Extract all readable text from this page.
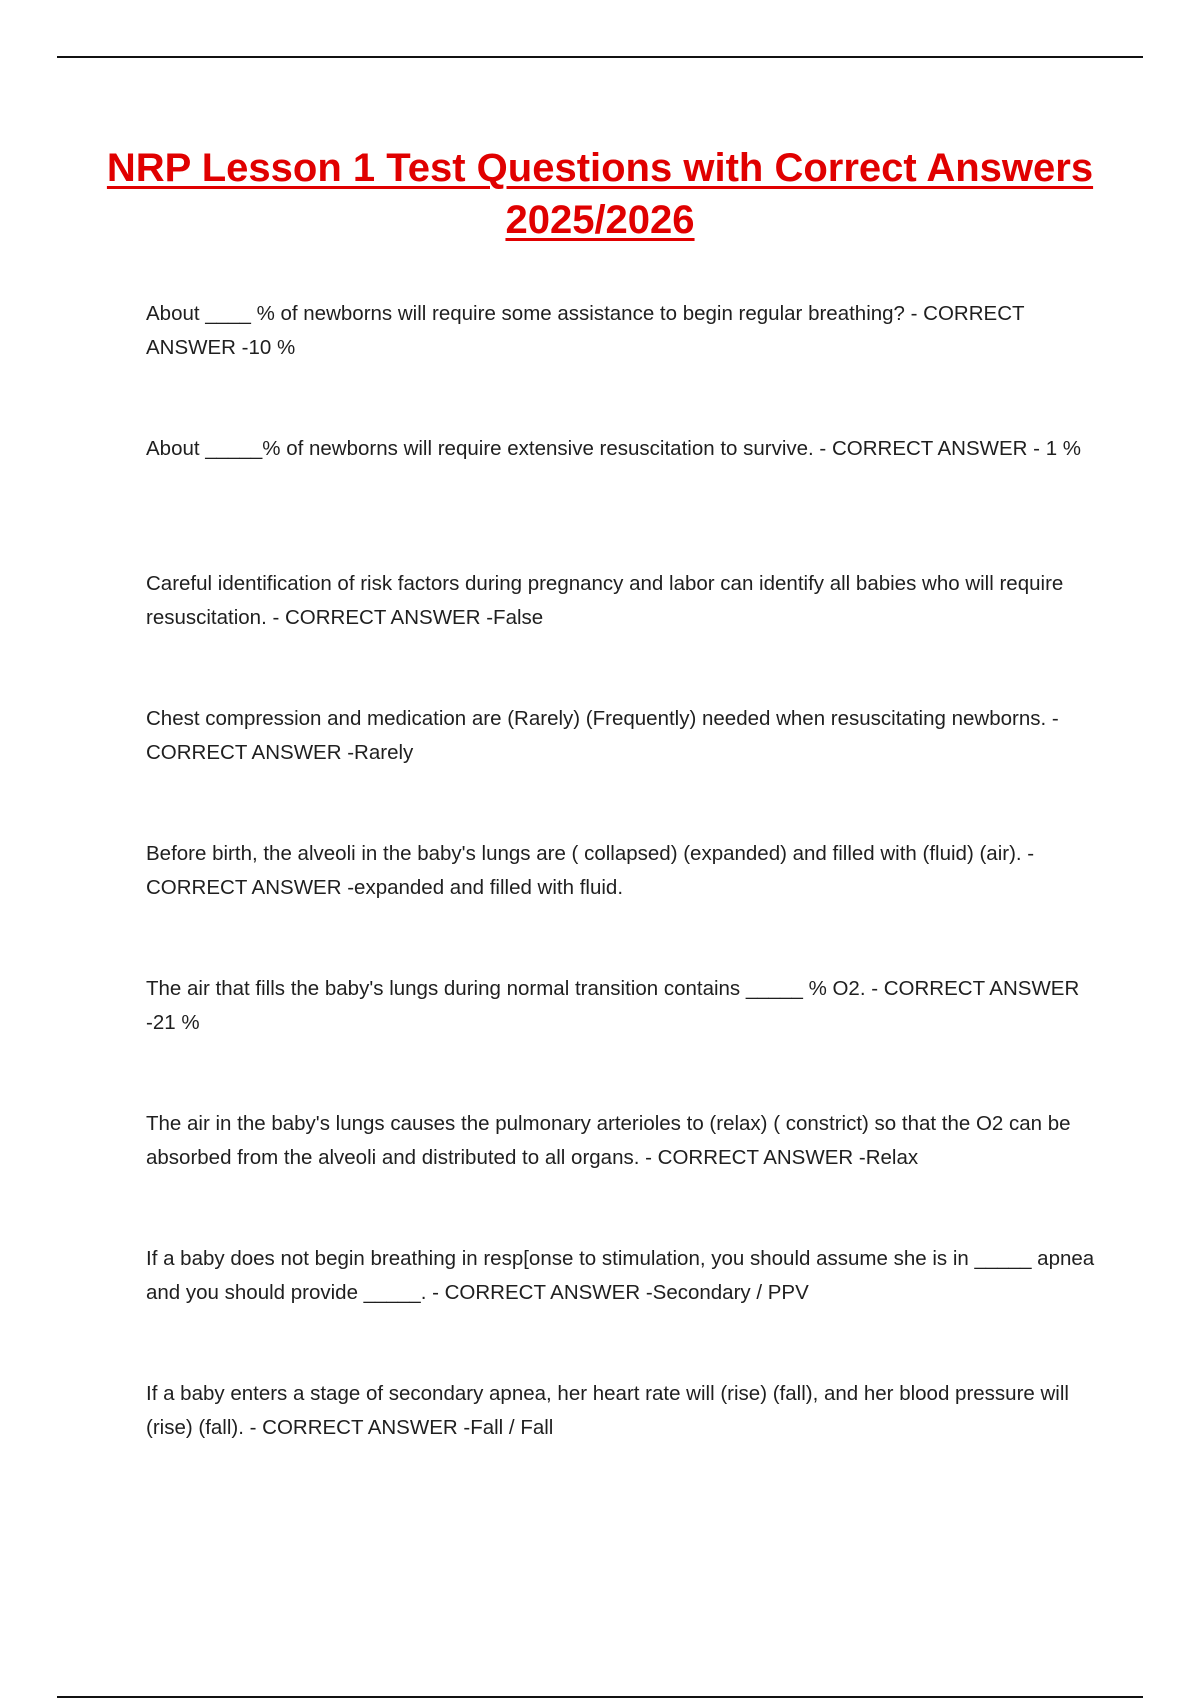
NRP Lesson 1 Test Questions with Correct Answers 2025/2026
About ____ % of newborns will require some assistance to begin regular breathing? - CORRECT ANSWER -10 %
About _____% of newborns will require extensive resuscitation to survive. - CORRECT ANSWER - 1 %
Careful identification of risk factors during pregnancy and labor can identify all babies who will require resuscitation. - CORRECT ANSWER -False
Chest compression and medication are (Rarely) (Frequently) needed when resuscitating newborns. - CORRECT ANSWER -Rarely
Before birth, the alveoli in the baby's lungs are ( collapsed) (expanded) and filled with (fluid) (air). - CORRECT ANSWER -expanded and filled with fluid.
The air that fills the baby's lungs during normal transition contains _____ % O2. - CORRECT ANSWER -21 %
The air in the baby's lungs causes the pulmonary arterioles to (relax) ( constrict) so that the O2 can be absorbed from the alveoli and distributed to all organs. - CORRECT ANSWER -Relax
If a baby does not begin breathing in resp[onse to stimulation, you should assume she is in _____ apnea and you should provide _____. - CORRECT ANSWER -Secondary / PPV
If a baby enters a stage of secondary apnea, her heart rate will (rise) (fall), and her blood pressure will (rise) (fall). - CORRECT ANSWER -Fall / Fall
